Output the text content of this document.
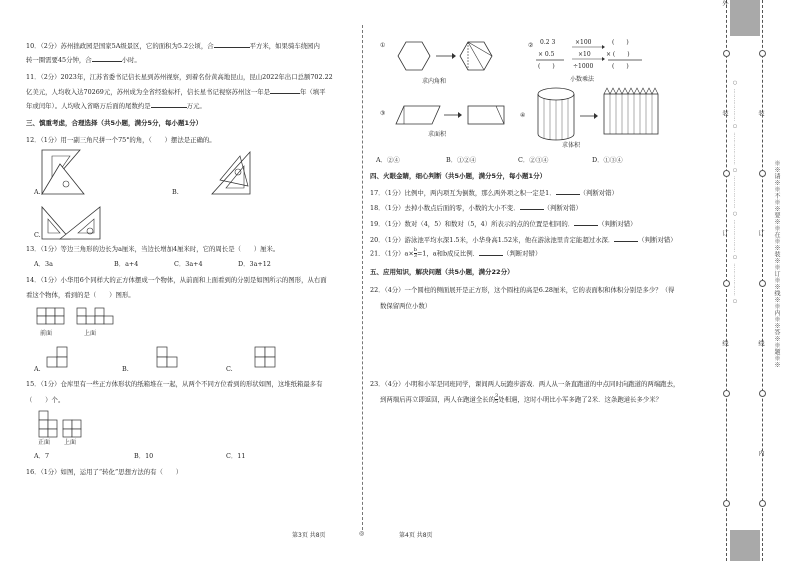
10．（2分）苏州拙政园是国家5A级景区，它的面积为5.2公顷，合	平方米，如果骑车绕园内
转一圈需要45分钟，合	小时。
11．（2分）2023年，江苏省委书记信长星到苏州视察，到着名份黄高地昆山，昆山2022年出口总额702.22
亿美元，人均收入达70269元，苏州成为全省经验标杆，信长星书记视察苏州这一年是	年（填平
年或闰年）。人均收入省略万后面的尾数约是	万元。
三、慎重考虑，合理选择（共5小题，满分5分，每小题1分）
12．（1分）用一副三角尺拼一个75°的角，（　　）摆法是正确的。
A.	B.
C.
13．（1分）等边三角形的边长为a厘米，当边长增加4厘米时，它的周长是（　　）厘米。
A．3a	B．a+4	C．3a+4	D．3a+12
14．（1分）小华用6个同样大的正方体摆成一个物体，从前面和上面看到的分别是如图所示的图形，从右面
看这个物体，看到的是（　　）图形。
前面	上面
A.	B.	C.
15．（1分）仓库里有一些正方体形状的纸箱堆在一起，从两个不同方位看到的形状如图，这堆纸箱最多有
（　　）个。
正面 上面
A．7	B．10	C．11
16．（1分）如图，运用了“转化”思想方法的有（　　）
①
求内角和
② 0.2 3	×100	(　　)
× 0.5	×10	× (　　)
(　　)	÷1000	(　　)
小数乘法
③
求面积
④
求体积
A．②④	B．①②④	C．②③④	D．①③④
四、火眼金睛，细心判断（共5小题，满分5分，每小题1分）
17．（1分）比例中，两内项互为倒数，那么两外项之积一定是1．	（判断对错）
18．（1分）去掉小数点后面的零，小数的大小不变．	（判断对错）
19．（1分）数对（4，5）和数对（5，4）所表示的点的位置是相同的．	（判断对错）
20．（1分）游泳池平均水深1.5米，小华身高1.52米，他在游泳池里肯定能超过水深．	（判断对错）
21．（1分）$a\times \frac{b}{3} =1$，a和b成反比例．	（判断对错）
五、应用知识，解决问题（共5小题，满分22分）
22．（4分）一个圆柱的侧面展开是正方形，这个圆柱的高是6.28厘米，它的表面积和体积分别是多少？（得
数保留两位小数）
23．（4分）小明和小军是同班同学，课间两人玩跑步游戏．两人从一条直跑道的中点同时向跑道的两端跑去，
到两端后再立即返回，两人在跑道全长的 $\frac{3}{5}$ 处相遇，这时小明比小军多跑了2米．这条跑道长多少米？
第3页 共8页	◎	第4页 共8页
外
装
订
线
装
订
线
内
※※请※※不※※要※※在※※装※※订※※线※※内※※答※※题※※
○ ……………… ○ ……………… ○ ……………… ○ ……………… ○ ……………… ○
